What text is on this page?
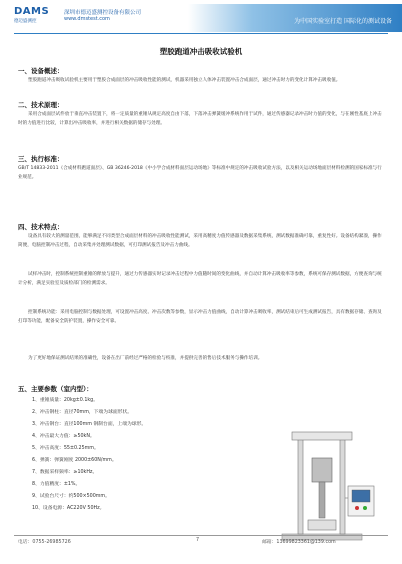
DAMS
德迈盛测控
深圳市德迈盛测控设备有限公司
www.dmstest.com	为中国实验室打造 国际化的测试设备
塑胶跑道冲击吸收试验机
一、设备概述：
塑胶跑道冲击吸收试验机主要用于塑胶合成面层的冲击吸收性能的测试，机器采用独立人体冲击装置冲击合成面层，通过冲击时力的变化计算冲击吸收值。
二、技术原理：
采用合成面层试件放于垂直冲击装置下，将一定质量的重锤从规定高度自由下落，下落冲击弹簧缓冲系统作用于试件，通过传感器记录冲击时力值的变化，与在刚性基底上冲击时的力值进行比较，计算出冲击吸收率，并进行相关数据的储存与处理。
三、执行标准：
GB/T 14833-2011《合成材料跑道面层》、GB 36246-2018《中小学合成材料面层运动场地》等标准中规定的冲击吸收试验方法，以及相关运动场地面层材料检测的国家标准与行业规范。
四、技术特点：
设备具有较大的测量范围，能够满足不同类型合成面层材料的冲击吸收性能测试，采用高精度力值传感器及数据采集系统，测试数据准确可靠，重复性好。设备结构紧凑，操作简便，电脑控制冲击过程，自动采集并处理测试数据，可打印测试报告及冲击力曲线。
试样冲击时，控制系统控制重锤的释放与提升，通过力传感器实时记录冲击过程中力值随时间的变化曲线，并自动计算冲击吸收率等参数，系统可保存测试数据，方便查询与统计分析，满足实验室及质检部门的检测需求。
控制系统功能：采用电脑控制与数据处理，可设置冲击高度、冲击次数等参数，显示冲击力值曲线，自动计算冲击吸收率，测试结束后可生成测试报告，具有数据存储、查询及打印等功能，配备安全防护装置，操作安全可靠。
为了更好地保证测试结果的准确性，设备在出厂前经过严格的检验与校准，并提供完善的售后技术服务与操作培训。
五、主要参数（室内型）：
1、重锤质量：20kg±0.1kg。
2、冲击钢柱：直径70mm，下端为球面形状。
3、冲击钢台：直径100mm 钢制台面，上端为球形。
4、冲击最大力值：≥50kN。
5、冲击高度：55±0.25mm。
6、弹簧：弹簧刚度 2000±60N/mm。
7、数据采样频率：≥10kHz。
8、力值精度：±1%。
9、试验台尺寸：约500×500mm。
10、设备电源：AC220V 50Hz。
电话：0755-26985726	7	邮箱：13699823361@139.com
